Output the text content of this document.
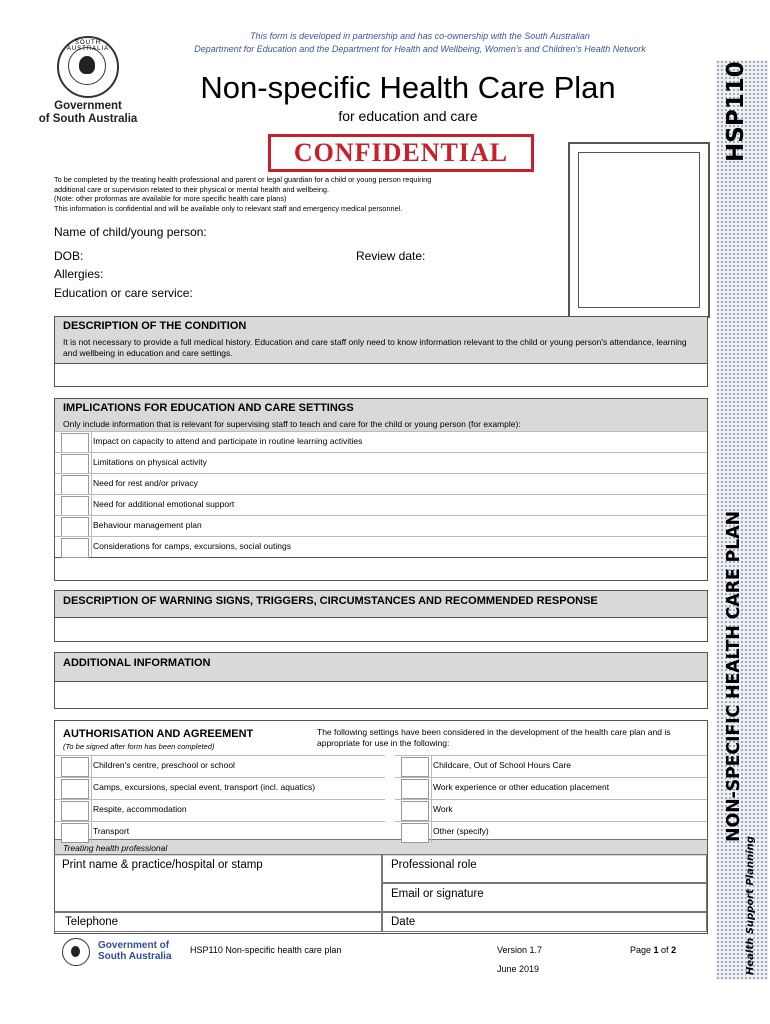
This form is developed in partnership and has co-ownership with the South Australian
Department for Education and the Department for Health and Wellbeing, Women's and Children's Health Network
SOUTH AUSTRALIA
Government
of South Australia
Non-specific Health Care Plan
for education and care
CONFIDENTIAL	HSP110
NON-SPECIFIC HEALTH CARE PLAN
Health Support Planning
To be completed by the treating health professional and parent or legal guardian for a child or young person requiring
additional care or supervision related to their physical or mental health and wellbeing.
(Note: other proformas are available for more specific health care plans)
This information is confidential and will be available only to relevant staff and emergency medical personnel.
Name of child/young person:
DOB:	Review date:
Allergies:
Education or care service:
DESCRIPTION OF THE CONDITION
It is not necessary to provide a full medical history. Education and care staff only need to know information relevant to the child or young person's attendance, learning and wellbeing in education and care settings.
IMPLICATIONS FOR EDUCATION AND CARE SETTINGS
Only include information that is relevant for supervising staff to teach and care for the child or young person (for example):
Impact on capacity to attend and participate in routine learning activities
Limitations on physical activity
Need for rest and/or privacy
Need for additional emotional support
Behaviour management plan
Considerations for camps, excursions, social outings
DESCRIPTION OF WARNING SIGNS, TRIGGERS, CIRCUMSTANCES AND RECOMMENDED RESPONSE
ADDITIONAL INFORMATION
AUTHORISATION AND AGREEMENT
(To be signed after form has been completed)
The following settings have been considered in the development of the health care plan and is appropriate for use in the following:
Children's centre, preschool or school
Camps, excursions, special event, transport (incl. aquatics)
Respite, accommodation
Transport
Childcare, Out of School Hours Care
Work experience or other education placement
Work
Other (specify)
Treating health professional
Print name & practice/hospital or stamp	Professional role
Email or signature
Telephone	Date
Government of
South Australia
HSP110 Non-specific health care plan	Version 1.7
June 2019
Page 1 of 2
